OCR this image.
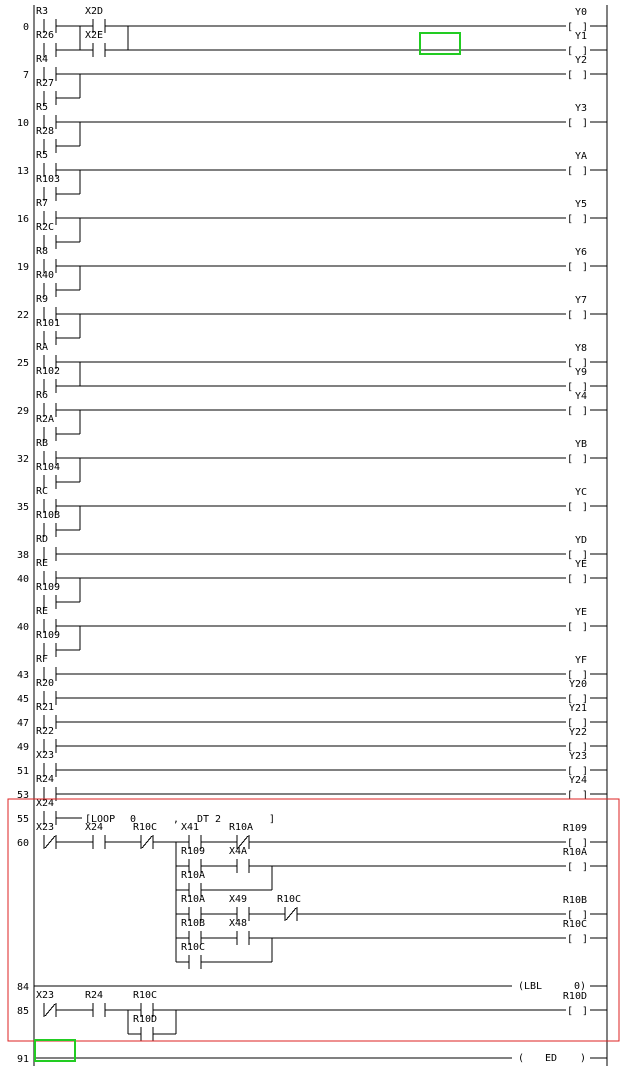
0
7
10
13
16
19
22
25
29
32
35
38
40
40
43
45
47
49
51
53
55
60
84
85
91
R3	X2D
R26	X2E
R4
R27
R5
R28
R5
R103
R7
R2C
R8
R40
R9
R101
RA
R102
R6
R2A
RB
R104
RC
R10B
RD
RE
R109
RE
R109
RF
R20
R21
R22
X23
R24
X24
X23	X24	R10C X41	R10A
R109 X4A
R10A
R10A X49	R10C
R10B X48
R10C
X23	R24	R10C
R10D
[ ]
Y0
[ ]
Y1
[ ]
Y2
[ ]
Y3
[ ]
YA
[ ]
Y5
[ ]
Y6
[ ]
Y7
[ ]
Y8
[ ]
Y9
[ ]
Y4
[ ]
YB
[ ]
YC
[ ]
YD
[ ]
YE
[ ]
YE
[ ]
YF
[ ]
Y20
[ ]
Y21
[ ]
Y22
[ ]
Y23
[ ]
Y24
[ ]
R109
[ ]
R10A
[ ]
R10B
[ ]
R10C
[ ]
R10D
[LOOP 0	, DT 2	]
(LBL	0)
( ED )
